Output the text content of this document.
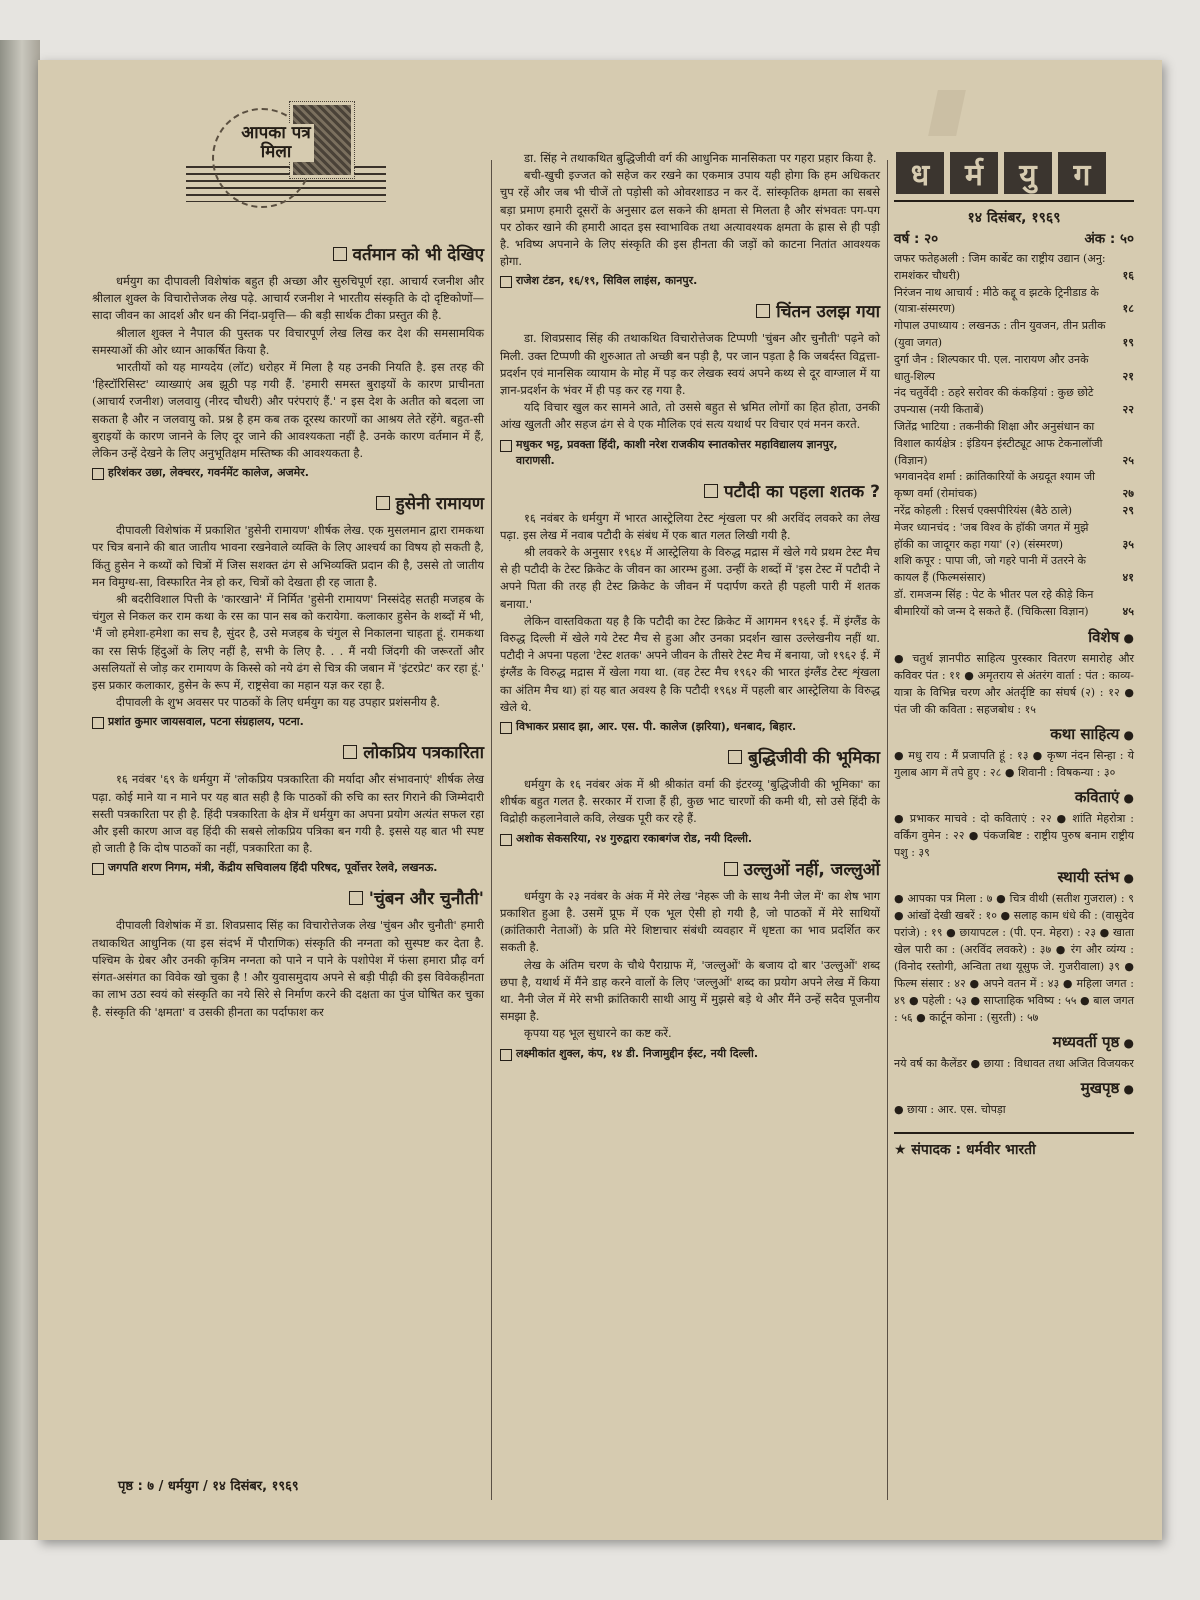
आपका पत्र मिला
वर्तमान को भी देखिए

धर्मयुग का दीपावली विशेषांक बहुत ही अच्छा और सुरुचिपूर्ण रहा. आचार्य रजनीश और श्रीलाल शुक्ल के विचारोत्तेजक लेख पढ़े. आचार्य रजनीश ने भारतीय संस्कृति के दो दृष्टिकोणों—सादा जीवन का आदर्श और धन की निंदा-प्रवृत्ति— की बड़ी सार्थक टीका प्रस्तुत की है.

श्रीलाल शुक्ल ने नैपाल की पुस्तक पर विचारपूर्ण लेख लिख कर देश की समसामयिक समस्याओं की ओर ध्यान आकर्षित किया है.

भारतीयों को यह माग्यदेय (लॉट) धरोहर में मिला है यह उनकी नियति है. इस तरह की 'हिस्टॉरिसिस्ट' व्याख्याएं अब झूठी पड़ गयी हैं. 'हमारी समस्त बुराइयों के कारण प्राचीनता (आचार्य रजनीश) जलवायु (नीरद चौधरी) और परंपराएं हैं.' न इस देश के अतीत को बदला जा सकता है और न जलवायु को. प्रश्न है हम कब तक दूरस्थ कारणों का आश्रय लेते रहेंगे. बहुत-सी बुराइयों के कारण जानने के लिए दूर जाने की आवश्यकता नहीं है. उनके कारण वर्तमान में हैं, लेकिन उन्हें देखने के लिए अनुभूतिक्षम मस्तिष्क की आवश्यकता है.

हरिशंकर उछा, लेक्चरर, गवर्नमेंट कालेज, अजमेर.
हुसेनी रामायण

दीपावली विशेषांक में प्रकाशित 'हुसेनी रामायण' शीर्षक लेख. एक मुसलमान द्वारा रामकथा पर चित्र बनाने की बात जातीय भावना रखनेवाले व्यक्ति के लिए आश्चर्य का विषय हो सकती है, किंतु हुसेन ने कथ्यों को चित्रों में जिस सशक्त ढंग से अभिव्यक्ति प्रदान की है, उससे तो जातीय मन विमुग्ध-सा, विस्फारित नेत्र हो कर, चित्रों को देखता ही रह जाता है.

श्री बदरीविशाल पित्ती के 'कारखाने' में निर्मित 'हुसेनी रामायण' निस्संदेह सतही मजहब के चंगुल से निकल कर राम कथा के रस का पान सब को करायेगा. कलाकार हुसेन के शब्दों में भी, 'मैं जो हमेशा-हमेशा का सच है, सुंदर है, उसे मजहब के चंगुल से निकालना चाहता हूं. रामकथा का रस सिर्फ हिंदुओं के लिए नहीं है, सभी के लिए है. . . मैं नयी जिंदगी की जरूरतों और असलियतों से जोड़ कर रामायण के किस्से को नये ढंग से चित्र की जबान में 'इंटरप्रेट' कर रहा हूं.' इस प्रकार कलाकार, हुसेन के रूप में, राष्ट्रसेवा का महान यज्ञ कर रहा है.

दीपावली के शुभ अवसर पर पाठकों के लिए धर्मयुग का यह उपहार प्रशंसनीय है.

प्रशांत कुमार जायसवाल, पटना संग्रहालय, पटना.
लोकप्रिय पत्रकारिता

१६ नवंबर '६९ के धर्मयुग में 'लोकप्रिय पत्रकारिता की मर्यादा और संभावनाएं' शीर्षक लेख पढ़ा. कोई माने या न माने पर यह बात सही है कि पाठकों की रुचि का स्तर गिराने की जिम्मेदारी सस्ती पत्रकारिता पर ही है. हिंदी पत्रकारिता के क्षेत्र में धर्मयुग का अपना प्रयोग अत्यंत सफल रहा और इसी कारण आज वह हिंदी की सबसे लोकप्रिय पत्रिका बन गयी है. इससे यह बात भी स्पष्ट हो जाती है कि दोष पाठकों का नहीं, पत्रकारिता का है.

जगपति शरण निगम, मंत्री, केंद्रीय सचिवालय हिंदी परिषद, पूर्वोत्तर रेलवे, लखनऊ.
'चुंबन और चुनौती'

दीपावली विशेषांक में डा. शिवप्रसाद सिंह का विचारोत्तेजक लेख 'चुंबन और चुनौती' हमारी तथाकथित आधुनिक (या इस संदर्भ में पौराणिक) संस्कृति की नग्नता को सुस्पष्ट कर देता है. पश्चिम के ग्रेबर और उनकी कृत्रिम नग्नता को पाने न पाने के पशोपेश में फंसा हमारा प्रौढ़ वर्ग संगत-असंगत का विवेक खो चुका है ! और युवासमुदाय अपने से बड़ी पीढ़ी की इस विवेकहीनता का लाभ उठा स्वयं को संस्कृति का नये सिरे से निर्माण करने की दक्षता का पुंज घोषित कर चुका है. संस्कृति की 'क्षमता' व उसकी हीनता का पर्दाफाश कर

डा. सिंह ने तथाकथित बुद्धिजीवी वर्ग की आधुनिक मानसिकता पर गहरा प्रहार किया है.

बची-खुची इज्जत को सहेज कर रखने का एकमात्र उपाय यही होगा कि हम अधिकतर चुप रहें और जब भी चीजें तो पड़ोसी को ओवरशाडउ न कर दें. सांस्कृतिक क्षमता का सबसे बड़ा प्रमाण हमारी दूसरों के अनुसार ढल सकने की क्षमता से मिलता है और संभवतः पग-पग पर ठोकर खाने की हमारी आदत इस स्वाभाविक तथा अत्यावश्यक क्षमता के ह्रास से ही पड़ी है. भविष्य अपनाने के लिए संस्कृति की इस हीनता की जड़ों को काटना नितांत आवश्यक होगा.

राजेश टंडन, १६/१९, सिविल लाइंस, कानपुर.
चिंतन उलझ गया

डा. शिवप्रसाद सिंह की तथाकथित विचारोत्तेजक टिप्पणी 'चुंबन और चुनौती' पढ़ने को मिली. उक्त टिप्पणी की शुरुआत तो अच्छी बन पड़ी है, पर जान पड़ता है कि जबर्दस्त विद्वत्ता-प्रदर्शन एवं मानसिक व्यायाम के मोह में पड़ कर लेखक स्वयं अपने कथ्य से दूर वाग्जाल में या ज्ञान-प्रदर्शन के भंवर में ही पड़ कर रह गया है.

यदि विचार खुल कर सामने आते, तो उससे बहुत से भ्रमित लोगों का हित होता, उनकी आंख खुलती और सहज ढंग से वे एक मौलिक एवं सत्य यथार्थ पर विचार एवं मनन करते.

मधुकर भट्ट, प्रवक्ता हिंदी, काशी नरेश राजकीय स्नातकोत्तर महाविद्यालय ज्ञानपुर, वाराणसी.
पटौदी का पहला शतक ?

१६ नवंबर के धर्मयुग में भारत आस्ट्रेलिया टेस्ट शृंखला पर श्री अरविंद लवकरे का लेख पढ़ा. इस लेख में नवाब पटौदी के संबंध में एक बात गलत लिखी गयी है.

श्री लवकरे के अनुसार १९६४ में आस्ट्रेलिया के विरुद्ध मद्रास में खेले गये प्रथम टेस्ट मैच से ही पटौदी के टेस्ट क्रिकेट के जीवन का आरम्भ हुआ. उन्हीं के शब्दों में 'इस टेस्ट में पटौदी ने अपने पिता की तरह ही टेस्ट क्रिकेट के जीवन में पदार्पण करते ही पहली पारी में शतक बनाया.'

लेकिन वास्तविकता यह है कि पटौदी का टेस्ट क्रिकेट में आगमन १९६२ ई. में इंग्लैंड के विरुद्ध दिल्ली में खेले गये टेस्ट मैच से हुआ और उनका प्रदर्शन खास उल्लेखनीय नहीं था. पटौदी ने अपना पहला 'टेस्ट शतक' अपने जीवन के तीसरे टेस्ट मैच में बनाया, जो १९६२ ई. में इंग्लैंड के विरुद्ध मद्रास में खेला गया था. (वह टेस्ट मैच १९६२ की भारत इंग्लैंड टेस्ट शृंखला का अंतिम मैच था) हां यह बात अवश्य है कि पटौदी १९६४ में पहली बार आस्ट्रेलिया के विरुद्ध खेले थे.

विभाकर प्रसाद झा, आर. एस. पी. कालेज (झरिया), धनबाद, बिहार.
बुद्धिजीवी की भूमिका

धर्मयुग के १६ नवंबर अंक में श्री श्रीकांत वर्मा की इंटरव्यू 'बुद्धिजीवी की भूमिका' का शीर्षक बहुत गलत है. सरकार में राजा हैं ही, कुछ भाट चारणों की कमी थी, सो उसे हिंदी के विद्रोही कहलानेवाले कवि, लेखक पूरी कर रहे हैं.

अशोक सेकसरिया, २४ गुरुद्वारा रकाबगंज रोड, नयी दिल्ली.
उल्लुओं नहीं, जल्लुओं

धर्मयुग के २३ नवंबर के अंक में मेरे लेख 'नेहरू जी के साथ नैनी जेल में' का शेष भाग प्रकाशित हुआ है. उसमें प्रूफ में एक भूल ऐसी हो गयी है, जो पाठकों में मेरे साथियों (क्रांतिकारी नेताओं) के प्रति मेरे शिष्टाचार संबंधी व्यवहार में धृष्टता का भाव प्रदर्शित कर सकती है.

लेख के अंतिम चरण के चौथे पैराग्राफ में, 'जल्लुओं' के बजाय दो बार 'उल्लुओं' शब्द छपा है, यथार्थ में मैंने डाह करने वालों के लिए 'जल्लुओं' शब्द का प्रयोग अपने लेख में किया था. नैनी जेल में मेरे सभी क्रांतिकारी साथी आयु में मुझसे बड़े थे और मैंने उन्हें सदैव पूजनीय समझा है.

कृपया यह भूल सुधारने का कष्ट करें.

लक्ष्मीकांत शुक्ल, कंप, १४ डी. निजामुद्दीन ईस्ट, नयी दिल्ली.
ध	र्म	यु	ग
१४ दिसंबर, १९६९
वर्ष : २०	अंक : ५०
जफर फतेहअली : जिम कार्बेट का राष्ट्रीय उद्यान (अनु: रामशंकर चौधरी)	१६
निरंजन नाथ आचार्य : मीठे कद्दू व झटके ट्रिनीडाड के (यात्रा-संस्मरण)	१८
गोपाल उपाध्याय : लखनऊ : तीन युवजन, तीन प्रतीक (युवा जगत)	१९
दुर्गा जैन : शिल्पकार पी. एल. नारायण और उनके धातु-शिल्प	२१
नंद चतुर्वेदी : ठहरे सरोवर की कंकड़ियां : कुछ छोटे उपन्यास (नयी किताबें)	२२
जितेंद्र भाटिया : तकनीकी शिक्षा और अनुसंधान का विशाल कार्यक्षेत्र : इंडियन इंस्टीट्यूट आफ टेकनालॉजी (विज्ञान)	२५
भगवानदेव शर्मा : क्रांतिकारियों के अग्रदूत श्याम जी कृष्ण वर्मा (रोमांचक)	२७
नरेंद्र कोहली : रिसर्च एक्सपीरियंस (बैठे ठाले)	२९
मेजर ध्यानचंद : 'जब विश्व के हॉकी जगत में मुझे हॉकी का जादूगर कहा गया' (२) (संस्मरण)	३५
शशि कपूर : पापा जी, जो गहरे पानी में उतरने के कायल हैं (फिल्मसंसार)	४१
डॉ. रामजन्म सिंह : पेट के भीतर पल रहे कीड़े किन बीमारियों को जन्म दे सकते हैं. (चिकित्सा विज्ञान)	४५
विशेष ●
● चतुर्थ ज्ञानपीठ साहित्य पुरस्कार वितरण समारोह और कविवर पंत : ११ ● अमृतराय से अंतरंग वार्ता : पंत : काव्य-यात्रा के विभिन्न चरण और अंतर्दृष्टि का संघर्ष (२) : १२ ● पंत जी की कविता : सहजबोध : १५
कथा साहित्य ●
● मधु राय : मैं प्रजापति हूं : १३ ● कृष्ण नंदन सिन्हा : ये गुलाब आग में तपे हुए : २८ ● शिवानी : विषकन्या : ३०
कविताएं ●
● प्रभाकर माचवे : दो कविताएं : २२ ● शांति मेहरोत्रा : वर्किंग वुमेन : २२ ● पंकजबिष्ट : राष्ट्रीय पुरुष बनाम राष्ट्रीय पशु : ३९
स्थायी स्तंभ ●
● आपका पत्र मिला : ७ ● चित्र वीथी (सतीश गुजराल) : ९ ● आंखों देखी खबरें : १० ● सलाह काम धंधे की : (वासुदेव परांजे) : १९ ● छायापटल : (पी. एन. मेहरा) : २३ ● खाता खेल पारी का : (अरविंद लवकरे) : ३७ ● रंग और व्यंग्य : (विनोद रस्तोगी, अन्विता तथा यूसुफ जे. गुजरीवाला) ३९ ● फिल्म संसार : ४२ ● अपने वतन में : ४३ ● महिला जगत : ४९ ● पहेली : ५३ ● साप्ताहिक भविष्य : ५५ ● बाल जगत : ५६ ● कार्टून कोना : (सुरती) : ५७
मध्यवर्ती पृष्ठ ●
नये वर्ष का कैलेंडर ● छाया : विधावत तथा अजित विजयकर
मुखपृष्ठ ●
● छाया : आर. एस. चोपड़ा
★ संपादक : धर्मवीर भारती
पृष्ठ : ७ / धर्मयुग / १४ दिसंबर, १९६९
